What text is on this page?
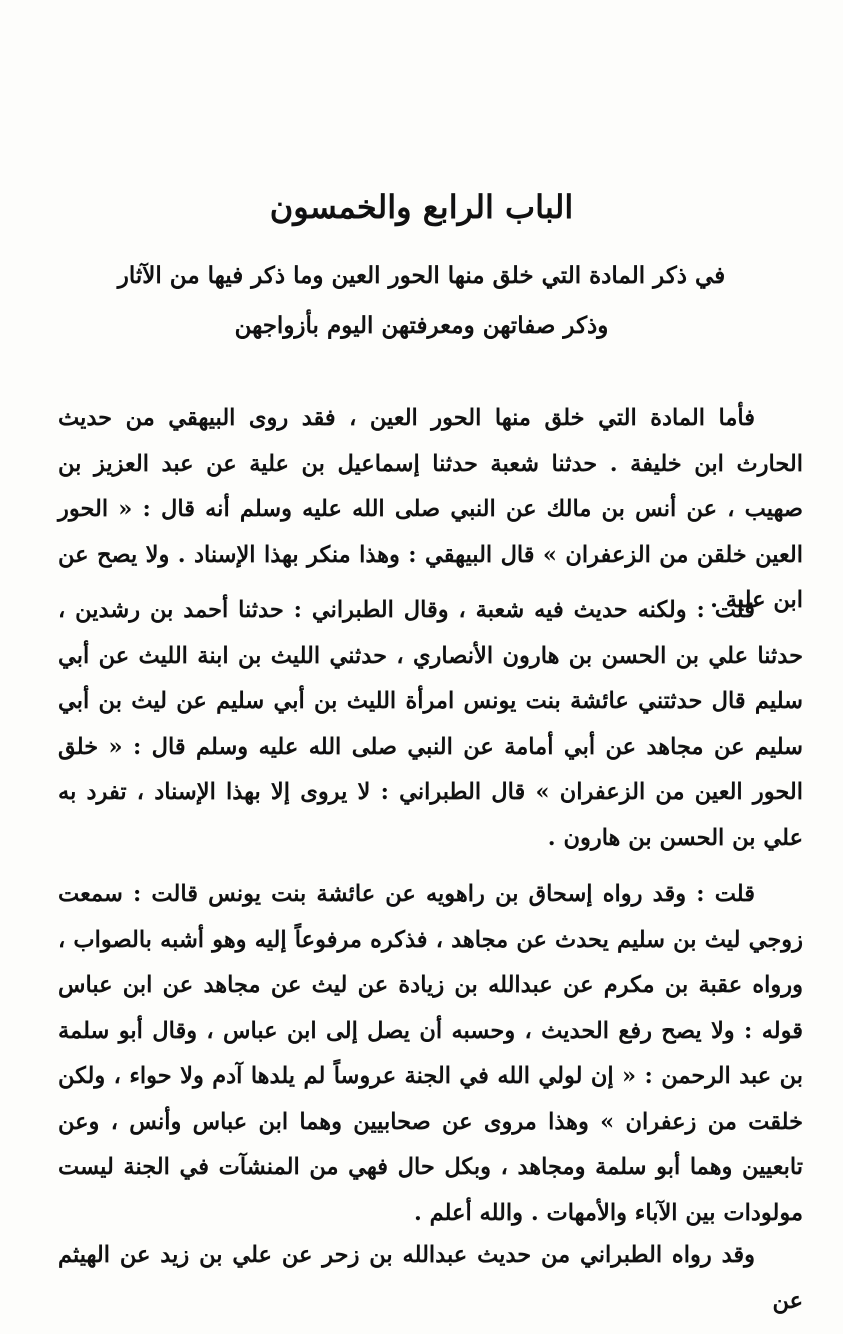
الباب الرابع والخمسون
في ذكر المادة التي خلق منها الحور العين وما ذكر فيها من الآثار
وذكر صفاتهن ومعرفتهن اليوم بأزواجهن
فأما المادة التي خلق منها الحور العين ، فقد روى البيهقي من حديث الحارث ابن خليفة . حدثنا شعبة حدثنا إسماعيل بن علية عن عبد العزيز بن صهيب ، عن أنس بن مالك عن النبي صلى الله عليه وسلم أنه قال : « الحور العين خلقن من الزعفران » قال البيهقي : وهذا منكر بهذا الإسناد . ولا يصح عن ابن علية .
قلت : ولكنه حديث فيه شعبة ، وقال الطبراني : حدثنا أحمد بن رشدين ، حدثنا علي بن الحسن بن هارون الأنصاري ، حدثني الليث بن ابنة الليث عن أبي سليم قال حدثتني عائشة بنت يونس امرأة الليث بن أبي سليم عن ليث بن أبي سليم عن مجاهد عن أبي أمامة عن النبي صلى الله عليه وسلم قال : « خلق الحور العين من الزعفران » قال الطبراني : لا يروى إلا بهذا الإسناد ، تفرد به علي بن الحسن بن هارون .
قلت : وقد رواه إسحاق بن راهويه عن عائشة بنت يونس قالت : سمعت زوجي ليث بن سليم يحدث عن مجاهد ، فذكره مرفوعاً إليه وهو أشبه بالصواب ، ورواه عقبة بن مكرم عن عبدالله بن زيادة عن ليث عن مجاهد عن ابن عباس قوله : ولا يصح رفع الحديث ، وحسبه أن يصل إلى ابن عباس ، وقال أبو سلمة بن عبد الرحمن : « إن لولي الله في الجنة عروساً لم يلدها آدم ولا حواء ، ولكن خلقت من زعفران » وهذا مروى عن صحابيين وهما ابن عباس وأنس ، وعن تابعيين وهما أبو سلمة ومجاهد ، وبكل حال فهي من المنشآت في الجنة ليست مولودات بين الآباء والأمهات . والله أعلم .
وقد رواه الطبراني من حديث عبدالله بن زحر عن علي بن زيد عن الهيثم عن
